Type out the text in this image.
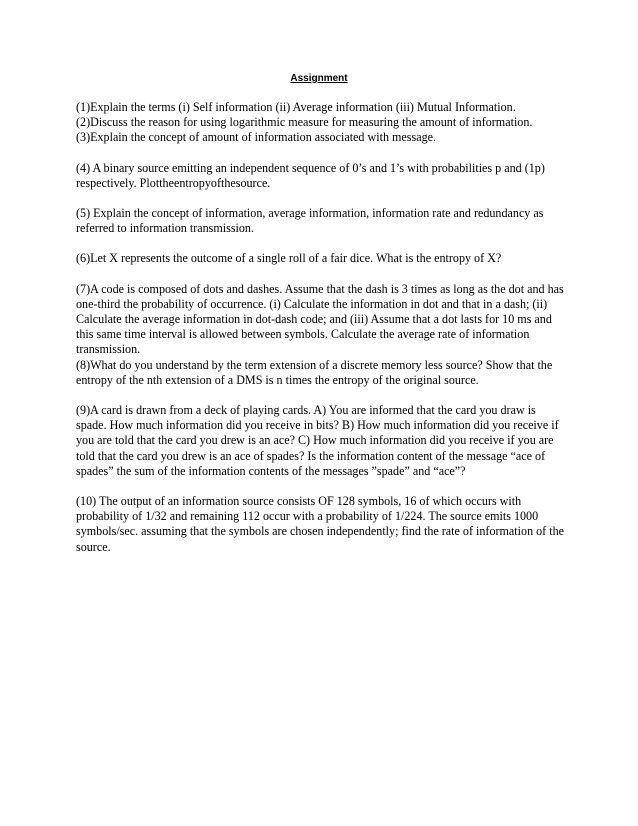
Assignment

(1)Explain the terms (i) Self information (ii) Average information (iii) Mutual Information.

(2)Discuss the reason for using logarithmic measure for measuring the amount of information.

(3)Explain the concept of amount of information associated with message.

(4) A binary source emitting an independent sequence of 0’s and 1’s with probabilities p and (1p) respectively. Plottheentropyofthesource.

(5) Explain the concept of information, average information, information rate and redundancy as referred to information transmission.

(6)Let X represents the outcome of a single roll of a fair dice. What is the entropy of X?

(7)A code is composed of dots and dashes. Assume that the dash is 3 times as long as the dot and has one-third the probability of occurrence. (i) Calculate the information in dot and that in a dash; (ii) Calculate the average information in dot-dash code; and (iii) Assume that a dot lasts for 10 ms and this same time interval is allowed between symbols. Calculate the average rate of information transmission.

(8)What do you understand by the term extension of a discrete memory less source? Show that the entropy of the nth extension of a DMS is n times the entropy of the original source.

(9)A card is drawn from a deck of playing cards. A) You are informed that the card you draw is spade. How much information did you receive in bits? B) How much information did you receive if you are told that the card you drew is an ace? C) How much information did you receive if you are told that the card you drew is an ace of spades? Is the information content of the message “ace of spades” the sum of the information contents of the messages ”spade” and “ace”?

(10) The output of an information source consists OF 128 symbols, 16 of which occurs with probability of 1/32 and remaining 112 occur with a probability of 1/224. The source emits 1000 symbols/sec. assuming that the symbols are chosen independently; find the rate of information of the source.
